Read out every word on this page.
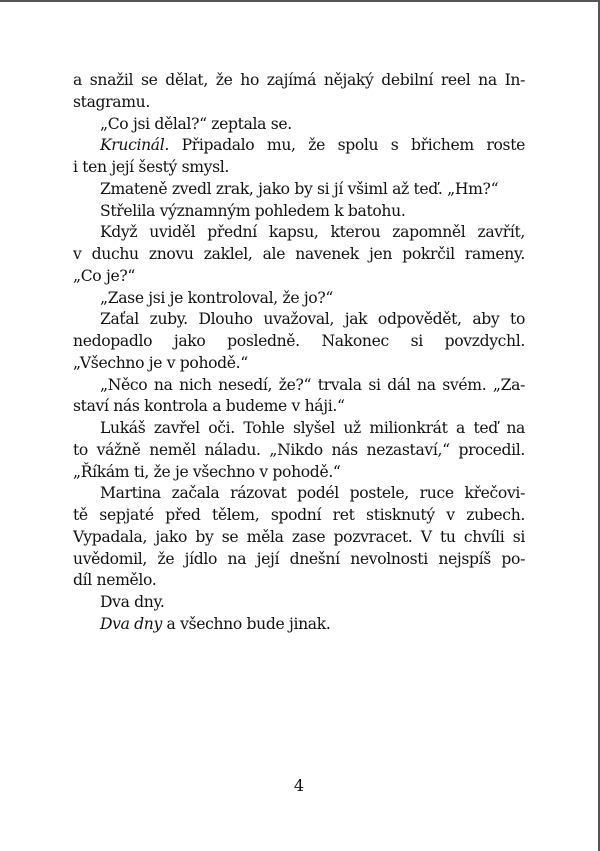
a snažil se dělat, že ho zajímá nějaký debilní reel na In-
stagramu.
„Co jsi dělal?“ zeptala se.
Krucinál. Připadalo mu, že spolu s břichem roste
i ten její šestý smysl.
Zmateně zvedl zrak, jako by si jí všiml až teď. „Hm?“
Střelila významným pohledem k batohu.
Když uviděl přední kapsu, kterou zapomněl zavřít,
v duchu znovu zaklel, ale navenek jen pokrčil rameny.
„Co je?“
„Zase jsi je kontroloval, že jo?“
Zaťal zuby. Dlouho uvažoval, jak odpovědět, aby to
nedopadlo jako posledně. Nakonec si povzdychl.
„Všechno je v pohodě.“
„Něco na nich nesedí, že?“ trvala si dál na svém. „Za-
staví nás kontrola a budeme v háji.“
Lukáš zavřel oči. Tohle slyšel už milionkrát a teď na
to vážně neměl náladu. „Nikdo nás nezastaví,“ procedil.
„Říkám ti, že je všechno v pohodě.“
Martina začala rázovat podél postele, ruce křečovi-
tě sepjaté před tělem, spodní ret stisknutý v zubech.
Vypadala, jako by se měla zase pozvracet. V tu chvíli si
uvědomil, že jídlo na její dnešní nevolnosti nejspíš po-
díl nemělo.
Dva dny.
Dva dny a všechno bude jinak.
4
